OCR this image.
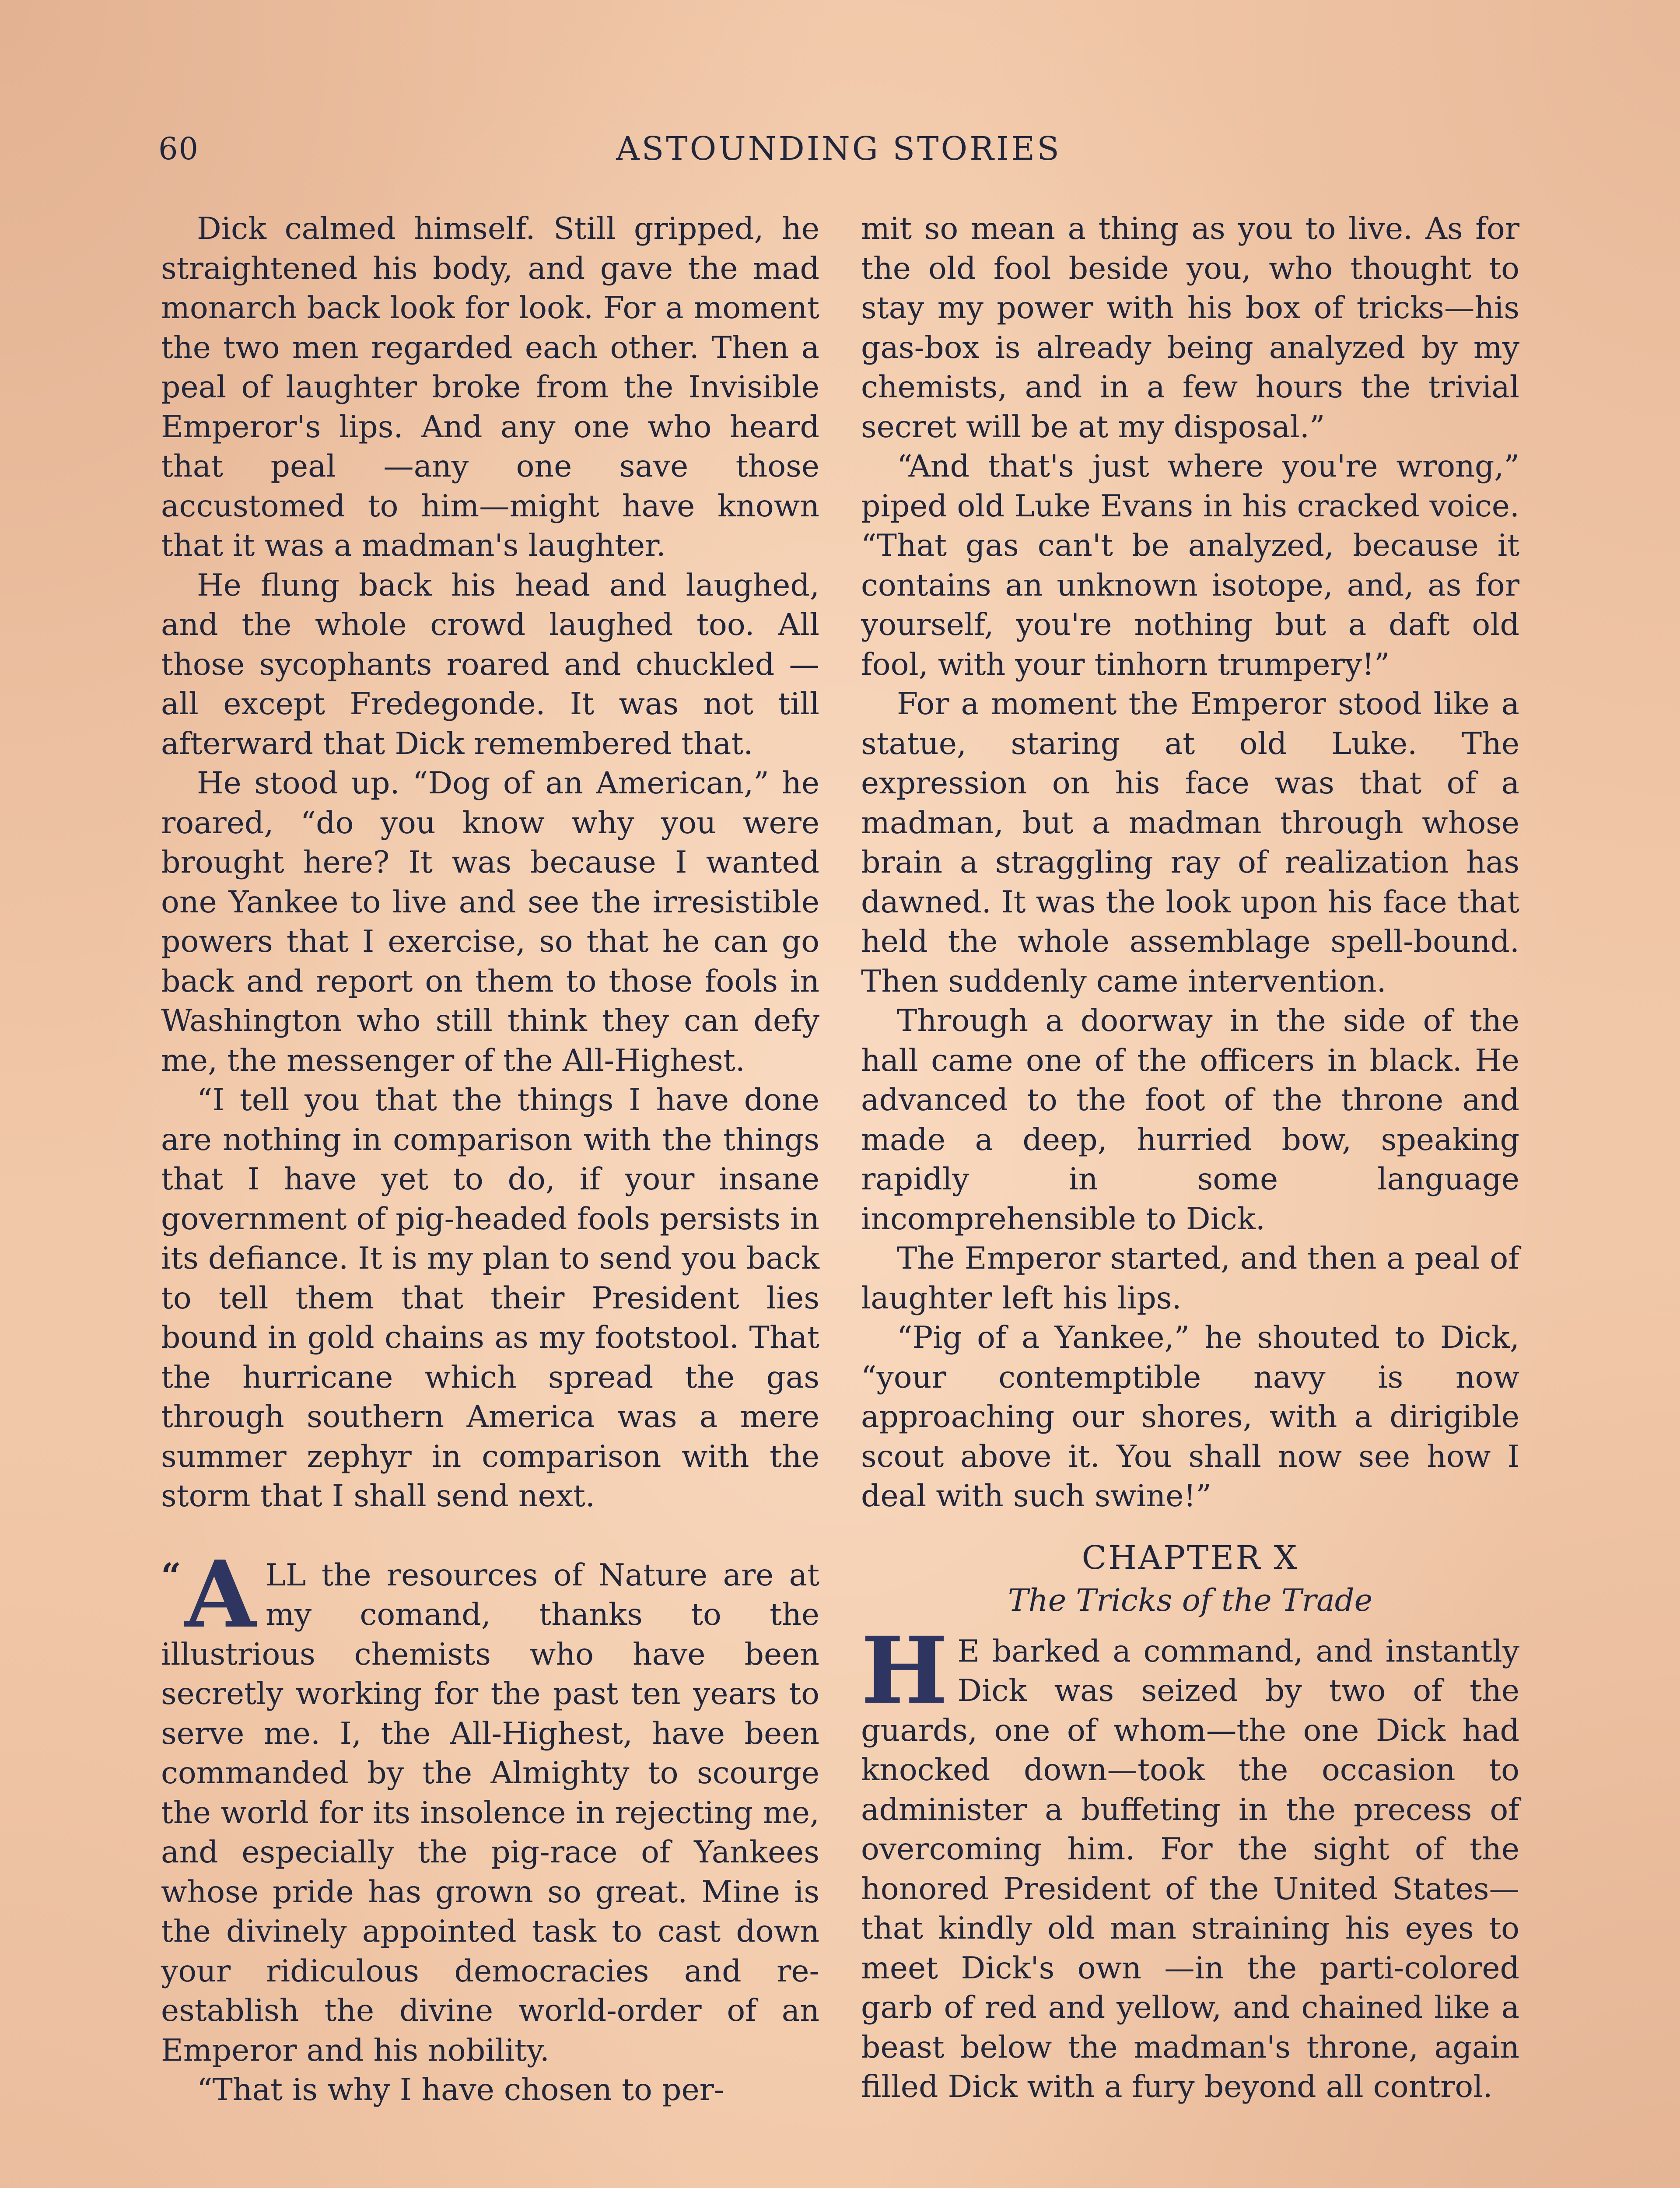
60	ASTOUNDING STORIES

Dick calmed himself. Still gripped, he straightened his body, and gave the mad monarch back look for look. For a moment the two men regarded each other. Then a peal of laughter broke from the Invisible Emperor's lips. And any one who heard that peal —any one save those accustomed to him—might have known that it was a madman's laughter.

He flung back his head and laughed, and the whole crowd laughed too. All those sycophants roared and chuckled —all except Fredegonde. It was not till afterward that Dick remembered that.

He stood up. “Dog of an American,” he roared, “do you know why you were brought here? It was because I wanted one Yankee to live and see the irresistible powers that I exercise, so that he can go back and report on them to those fools in Washington who still think they can defy me, the messenger of the All-Highest.

“I tell you that the things I have done are nothing in comparison with the things that I have yet to do, if your insane government of pig-headed fools persists in its defiance. It is my plan to send you back to tell them that their President lies bound in gold chains as my footstool. That the hurricane which spread the gas through southern America was a mere summer zephyr in comparison with the storm that I shall send next.

“ A LL the resources of Nature are at my comand, thanks to the illustrious chemists who have been secretly working for the past ten years to serve me. I, the All-Highest, have been commanded by the Almighty to scourge the world for its insolence in rejecting me, and especially the pig-race of Yankees whose pride has grown so great. Mine is the divinely appointed task to cast down your ridiculous democracies and re-establish the divine world-order of an Emperor and his nobility.

“That is why I have chosen to per-

mit so mean a thing as you to live. As for the old fool beside you, who thought to stay my power with his box of tricks—his gas-box is already being analyzed by my chemists, and in a few hours the trivial secret will be at my disposal.”

“And that's just where you're wrong,” piped old Luke Evans in his cracked voice. “That gas can't be analyzed, because it contains an unknown isotope, and, as for yourself, you're nothing but a daft old fool, with your tinhorn trumpery!”

For a moment the Emperor stood like a statue, staring at old Luke. The expression on his face was that of a madman, but a madman through whose brain a straggling ray of realization has dawned. It was the look upon his face that held the whole assemblage spell-bound. Then suddenly came intervention.

Through a doorway in the side of the hall came one of the officers in black. He advanced to the foot of the throne and made a deep, hurried bow, speaking rapidly in some language incomprehensible to Dick.

The Emperor started, and then a peal of laughter left his lips.

“Pig of a Yankee,” he shouted to Dick, “your contemptible navy is now approaching our shores, with a dirigible scout above it. You shall now see how I deal with such swine!”

CHAPTER X
The Tricks of the Trade

H E barked a command, and instantly Dick was seized by two of the guards, one of whom—the one Dick had knocked down—took the occasion to administer a buffeting in the precess of overcoming him. For the sight of the honored President of the United States—that kindly old man straining his eyes to meet Dick's own —in the parti-colored garb of red and yellow, and chained like a beast below the madman's throne, again filled Dick with a fury beyond all control.
